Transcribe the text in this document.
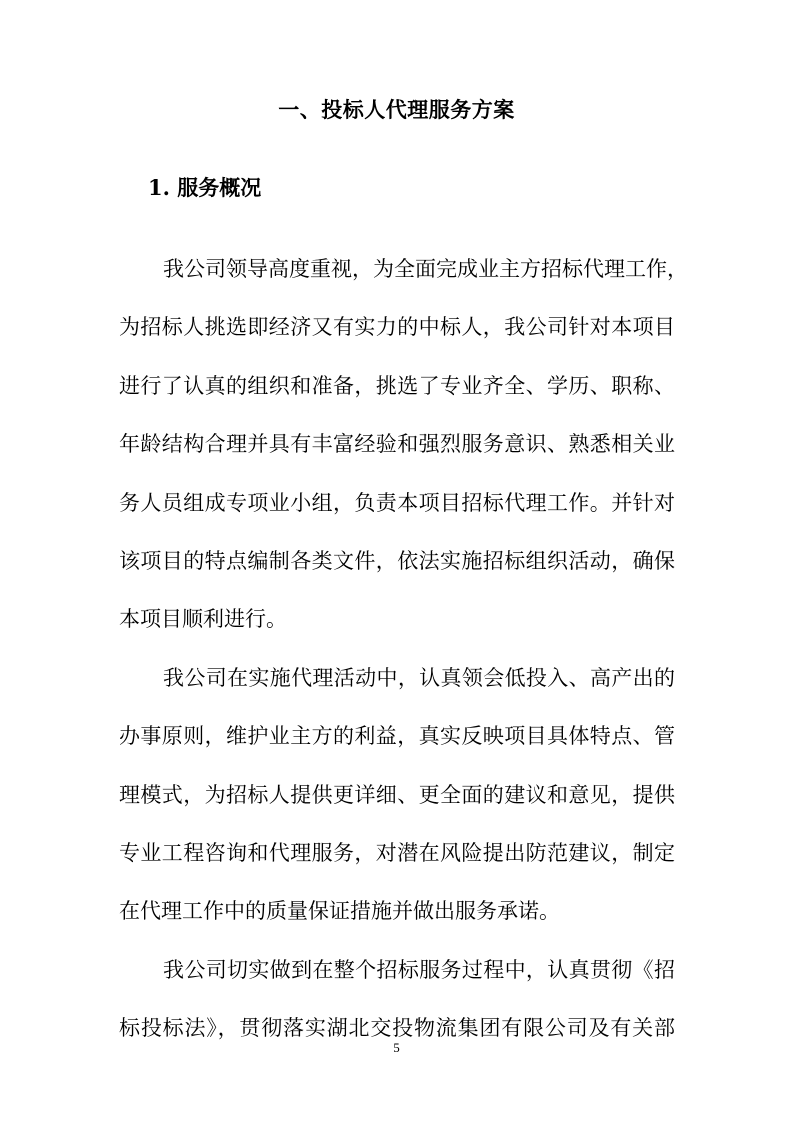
一、投标人代理服务方案
1. 服务概况

我公司领导高度重视，为全面完成业主方招标代理工作，
为招标人挑选即经济又有实力的中标人，我公司针对本项目
进行了认真的组织和准备，挑选了专业齐全、学历、职称、
年龄结构合理并具有丰富经验和强烈服务意识、熟悉相关业
务人员组成专项业小组，负责本项目招标代理工作。并针对
该项目的特点编制各类文件，依法实施招标组织活动，确保
本项目顺利进行。

我公司在实施代理活动中，认真领会低投入、高产出的
办事原则，维护业主方的利益，真实反映项目具体特点、管
理模式，为招标人提供更详细、更全面的建议和意见，提供
专业工程咨询和代理服务，对潜在风险提出防范建议，制定
在代理工作中的质量保证措施并做出服务承诺。

我公司切实做到在整个招标服务过程中，认真贯彻《招
标投标法》，贯彻落实湖北交投物流集团有限公司及有关部

5
